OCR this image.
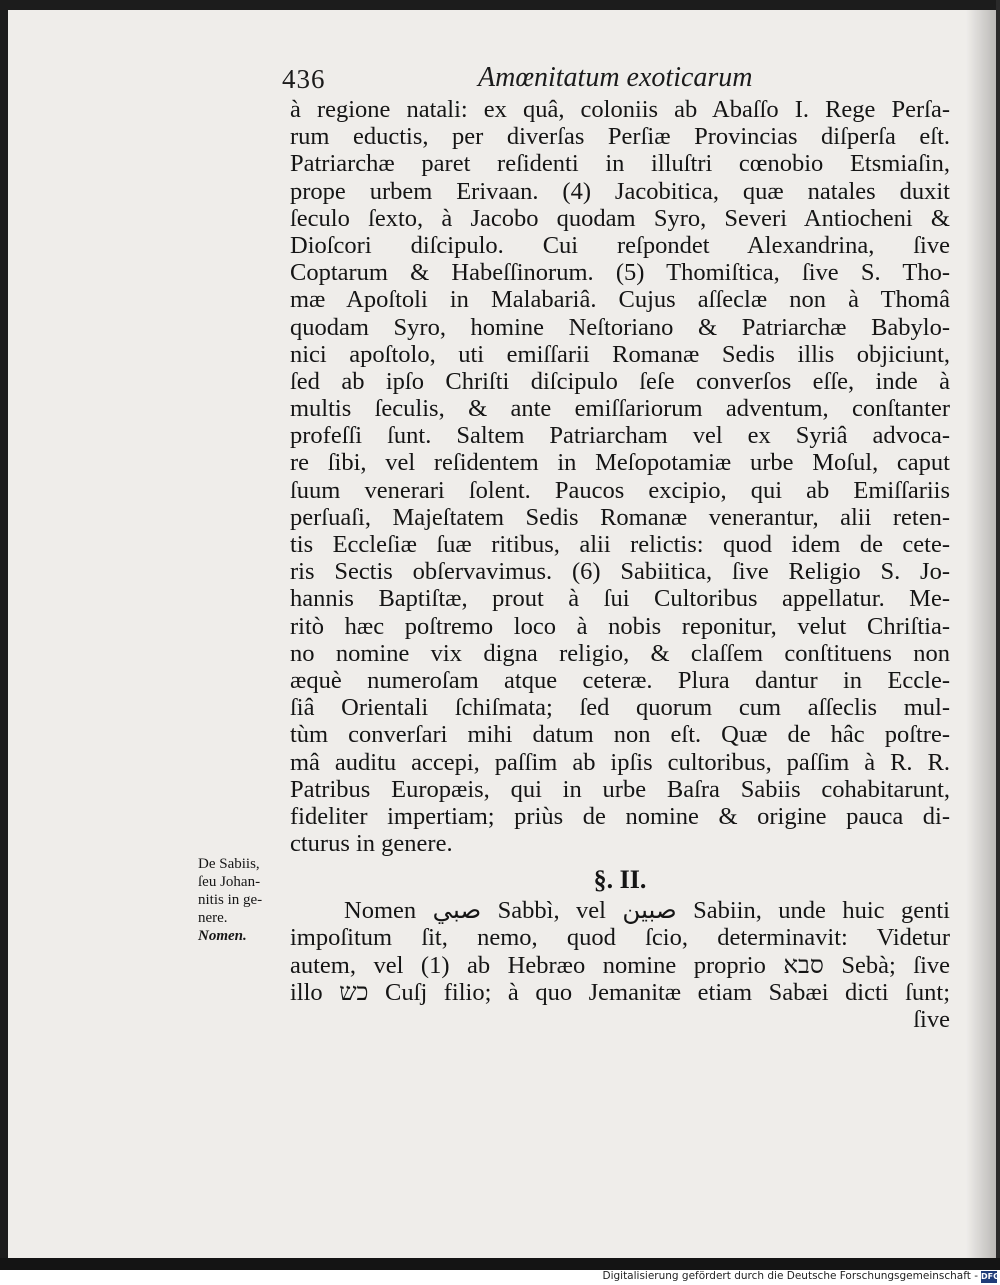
436	Amœnitatum exoticarum
à regione natali: ex quâ, coloniis ab Abaſſo I. Rege Perſa-
rum eductis, per diverſas Perſiæ Provincias diſperſa eſt.
Patriarchæ paret reſidenti in illuſtri cœnobio Etsmiaſin,
prope urbem Erivaan. (4) Jacobitica, quæ natales duxit
ſeculo ſexto, à Jacobo quodam Syro, Severi Antiocheni &
Dioſcori diſcipulo. Cui reſpondet Alexandrina, ſive
Coptarum & Habeſſinorum. (5) Thomiſtica, ſive S. Tho-
mæ Apoſtoli in Malabariâ. Cujus aſſeclæ non à Thomâ
quodam Syro, homine Neſtoriano & Patriarchæ Babylo-
nici apoſtolo, uti emiſſarii Romanæ Sedis illis objiciunt,
ſed ab ipſo Chriſti diſcipulo ſeſe converſos eſſe, inde à
multis ſeculis, & ante emiſſariorum adventum, conſtanter
profeſſi ſunt. Saltem Patriarcham vel ex Syriâ advoca-
re ſibi, vel reſidentem in Meſopotamiæ urbe Moſul, caput
ſuum venerari ſolent. Paucos excipio, qui ab Emiſſariis
perſuaſi, Majeſtatem Sedis Romanæ venerantur, alii reten-
tis Eccleſiæ ſuæ ritibus, alii relictis: quod idem de cete-
ris Sectis obſervavimus. (6) Sabiitica, ſive Religio S. Jo-
hannis Baptiſtæ, prout à ſui Cultoribus appellatur. Me-
ritò hæc poſtremo loco à nobis reponitur, velut Chriſtia-
no nomine vix digna religio, & claſſem conſtituens non
æquè numeroſam atque ceteræ. Plura dantur in Eccle-
ſiâ Orientali ſchiſmata; ſed quorum cum aſſeclis mul-
tùm converſari mihi datum non eſt. Quæ de hâc poſtre-
mâ auditu accepi, paſſim ab ipſis cultoribus, paſſim à R. R.
Patribus Europæis, qui in urbe Baſra Sabiis cohabitarunt,
fideliter impertiam; priùs de nomine & origine pauca di-
cturus in genere.
§. II.
Nomen صبي Sabbì, vel صبين Sabiin, unde huic genti
impoſitum ſit, nemo, quod ſcio, determinavit: Videtur
autem, vel (1) ab Hebræo nomine proprio סבא Sebà; ſive
illo כש Cuſj filio; à quo Jemanitæ etiam Sabæi dicti ſunt;
ſive
De Sabiis,
ſeu Johan-
nitis in ge-
nere.
Nomen.
Digitalisierung gefördert durch die Deutsche Forschungsgemeinschaft - DFG
